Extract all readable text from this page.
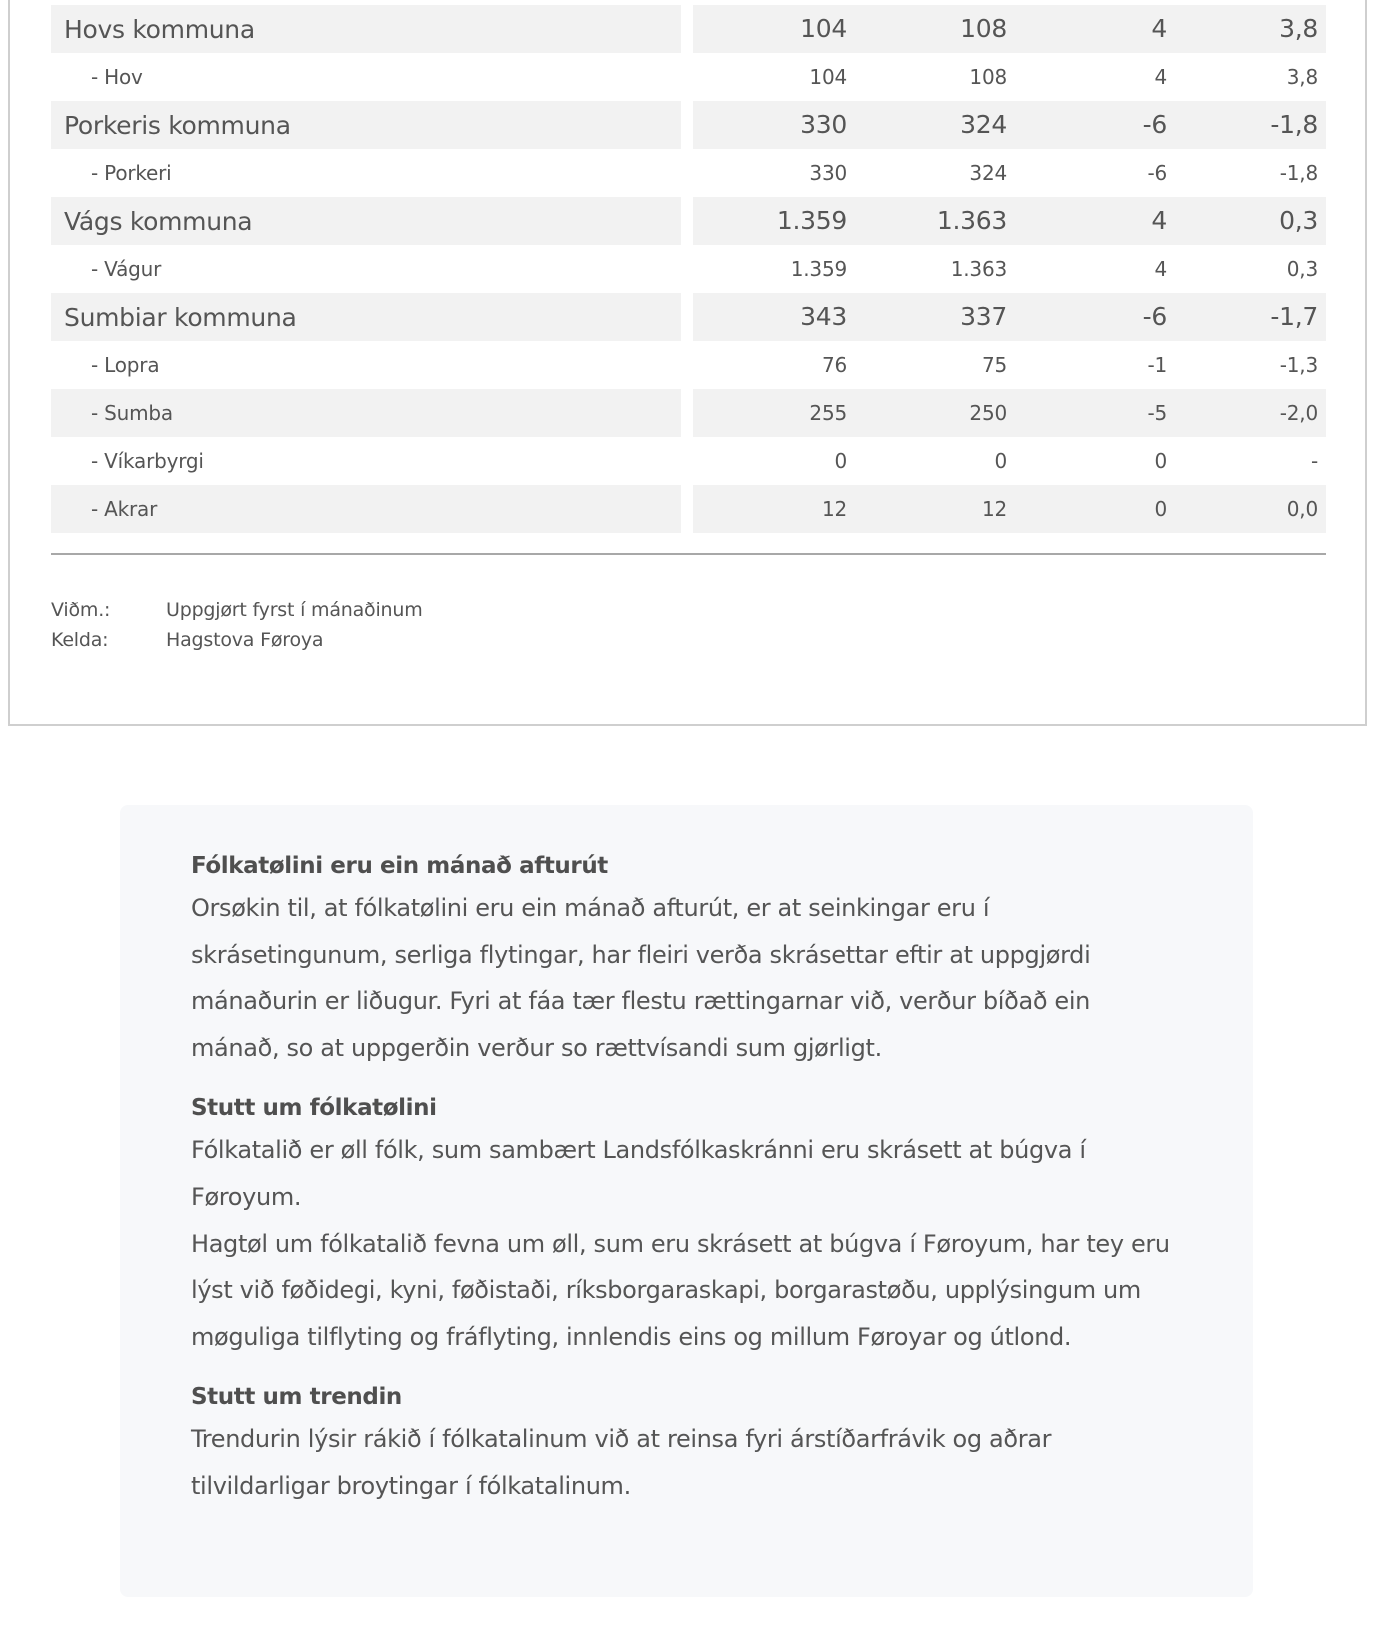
Hovs kommuna	104	108	4	3,8
- Hov	104	108	4	3,8
Porkeris kommuna	330	324	-6	-1,8
- Porkeri	330	324	-6	-1,8
Vágs kommuna	1.359	1.363	4	0,3
- Vágur	1.359	1.363	4	0,3
Sumbiar kommuna	343	337	-6	-1,7
- Lopra	76	75	-1	-1,3
- Sumba	255	250	-5	-2,0
- Víkarbyrgi	0	0	0	-
- Akrar	12	12	0	0,0
Viðm.:	Uppgjørt fyrst í mánaðinum
Kelda:	Hagstova Føroya
Fólkatølini eru ein mánað afturút

Orsøkin til, at fólkatølini eru ein mánað afturút, er at seinkingar eru í skrásetingunum, serliga flytingar, har fleiri verða skrásettar eftir at uppgjørdi mánaðurin er liðugur. Fyri at fáa tær flestu rættingarnar við, verður bíðað ein mánað, so at uppgerðin verður so rættvísandi sum gjørligt.

Stutt um fólkatølini

Fólkatalið er øll fólk, sum sambært Landsfólkaskránni eru skrásett at búgva í Føroyum.

Hagtøl um fólkatalið fevna um øll, sum eru skrásett at búgva í Føroyum, har tey eru lýst við føðidegi, kyni, føðistaði, ríksborgaraskapi, borgarastøðu, upplýsingum um møguliga tilflyting og fráflyting, innlendis eins og millum Føroyar og útlond.

Stutt um trendin

Trendurin lýsir rákið í fólkatalinum við at reinsa fyri árstíðarfrávik og aðrar tilvildarligar broytingar í fólkatalinum.
